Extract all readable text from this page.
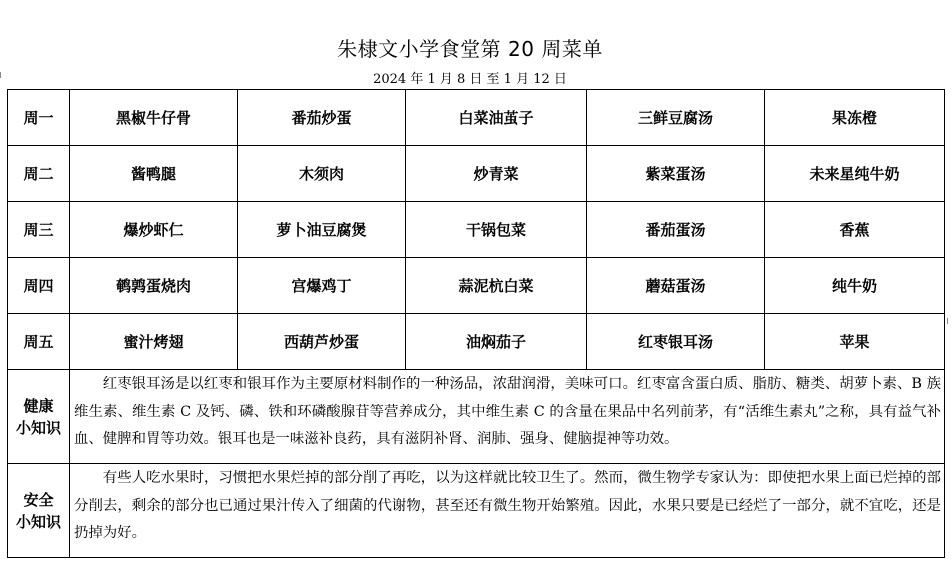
朱棣文小学食堂第 20 周菜单
2024 年 1 月 8 日 至 1 月 12 日
周一	黑椒牛仔骨	番茄炒蛋	白菜油茧子	三鲜豆腐汤	果冻橙
周二	酱鸭腿	木须肉	炒青菜	紫菜蛋汤	未来星纯牛奶
周三	爆炒虾仁	萝卜油豆腐煲	干锅包菜	番茄蛋汤	香蕉
周四	鹌鹑蛋烧肉	宫爆鸡丁	蒜泥杭白菜	蘑菇蛋汤	纯牛奶
周五	蜜汁烤翅	西葫芦炒蛋	油焖茄子	红枣银耳汤	苹果
健康
小知识	红枣银耳汤是以红枣和银耳作为主要原材料制作的一种汤品，浓甜润滑，美味可口。红枣富含蛋白质、脂肪、糖类、胡萝卜素、B 族维生素、维生素 C 及钙、磷、铁和环磷酸腺苷等营养成分，其中维生素 C 的含量在果品中名列前茅，有“活维生素丸”之称，具有益气补血、健脾和胃等功效。银耳也是一味滋补良药，具有滋阴补肾、润肺、强身、健脑提神等功效。				
安全
小知识	有些人吃水果时，习惯把水果烂掉的部分削了再吃，以为这样就比较卫生了。然而，微生物学专家认为：即使把水果上面已烂掉的部分削去，剩余的部分也已通过果汁传入了细菌的代谢物，甚至还有微生物开始繁殖。因此，水果只要是已经烂了一部分，就不宜吃，还是扔掉为好。				
